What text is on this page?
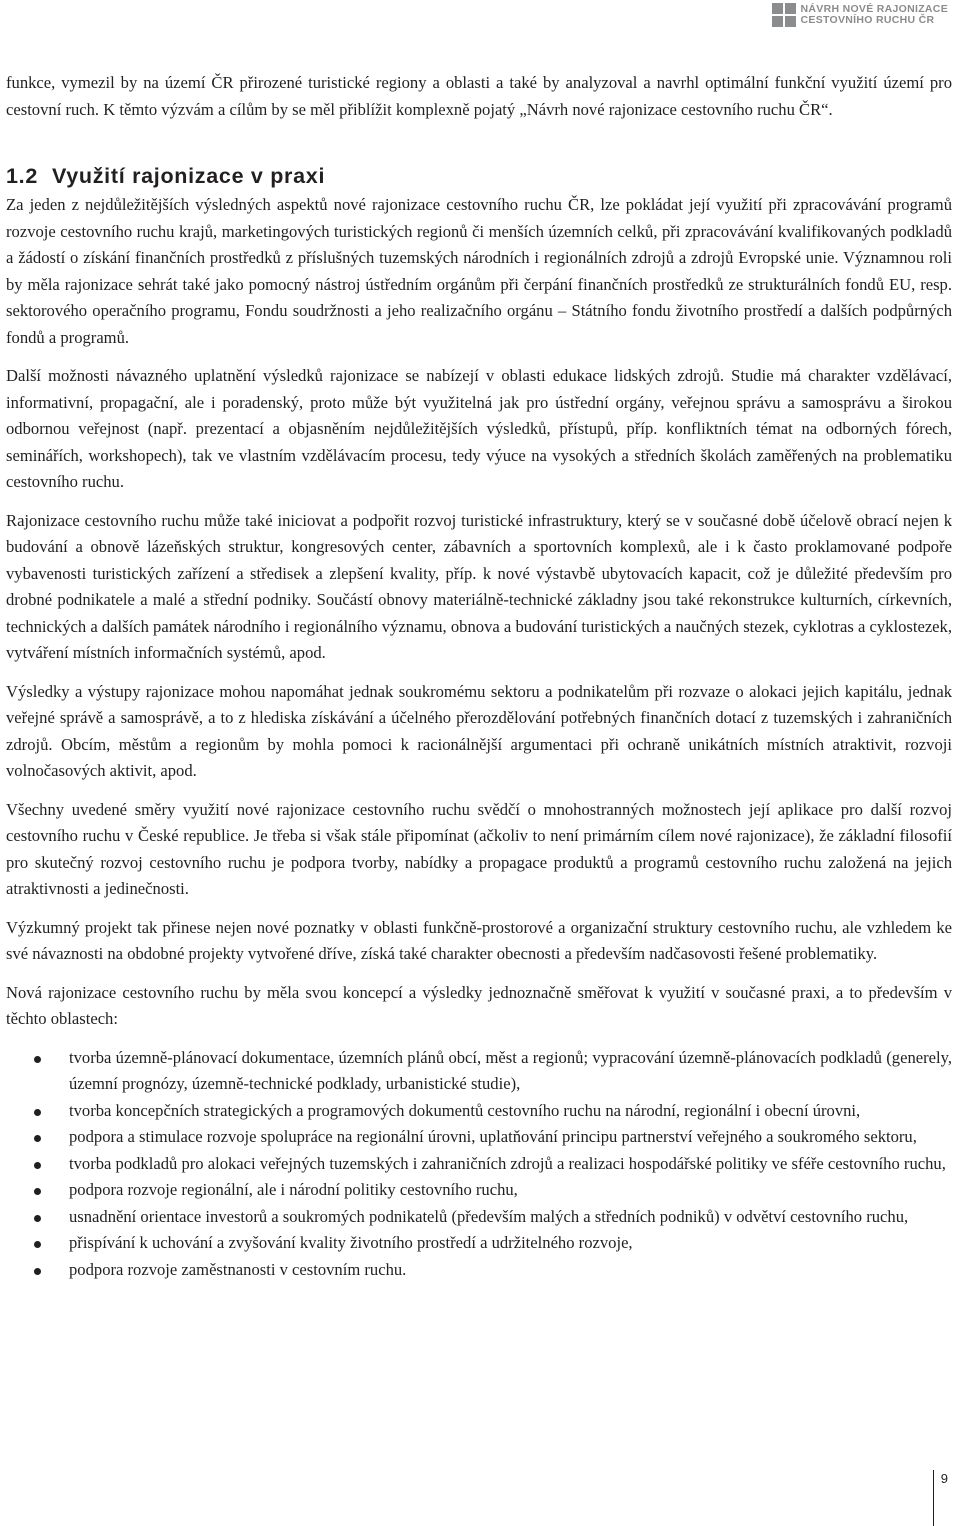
NÁVRH NOVÉ RAJONIZACE
CESTOVNÍHO RUCHU ČR

funkce, vymezil by na území ČR přirozené turistické regiony a oblasti a také by analyzoval a navrhl optimální funkční využití území pro cestovní ruch. K těmto výzvám a cílům by se měl přiblížit komplexně pojatý „Návrh nové rajonizace cestovního ruchu ČR“.

1.2 Využití rajonizace v praxi

Za jeden z nejdůležitějších výsledných aspektů nové rajonizace cestovního ruchu ČR, lze pokládat její využití při zpracovávání programů rozvoje cestovního ruchu krajů, marketingových turistických regionů či menších územních celků, při zpracovávání kvalifikovaných podkladů a žádostí o získání finančních prostředků z příslušných tuzemských národních i regionálních zdrojů a zdrojů Evropské unie. Významnou roli by měla rajonizace sehrát také jako pomocný nástroj ústředním orgánům při čerpání finančních prostředků ze strukturálních fondů EU, resp. sektorového operačního programu, Fondu soudržnosti a jeho realizačního orgánu – Státního fondu životního prostředí a dalších podpůrných fondů a programů.

Další možnosti návazného uplatnění výsledků rajonizace se nabízejí v oblasti edukace lidských zdrojů. Studie má charakter vzdělávací, informativní, propagační, ale i poradenský, proto může být využitelná jak pro ústřední orgány, veřejnou správu a samosprávu a širokou odbornou veřejnost (např. prezentací a objasněním nejdůležitějších výsledků, přístupů, příp. konfliktních témat na odborných fórech, seminářích, workshopech), tak ve vlastním vzdělávacím procesu, tedy výuce na vysokých a středních školách zaměřených na problematiku cestovního ruchu.

Rajonizace cestovního ruchu může také iniciovat a podpořit rozvoj turistické infrastruktury, který se v současné době účelově obrací nejen k budování a obnově lázeňských struktur, kongresových center, zábavních a sportovních komplexů, ale i k často proklamované podpoře vybavenosti turistických zařízení a středisek a zlepšení kvality, příp. k nové výstavbě ubytovacích kapacit, což je důležité především pro drobné podnikatele a malé a střední podniky. Součástí obnovy materiálně-technické základny jsou také rekonstrukce kulturních, církevních, technických a dalších památek národního i regionálního významu, obnova a budování turistických a naučných stezek, cyklotras a cyklostezek, vytváření místních informačních systémů, apod.

Výsledky a výstupy rajonizace mohou napomáhat jednak soukromému sektoru a podnikatelům při rozvaze o alokaci jejich kapitálu, jednak veřejné správě a samosprávě, a to z hlediska získávání a účelného přerozdělování potřebných finančních dotací z tuzemských i zahraničních zdrojů. Obcím, městům a regionům by mohla pomoci k racionálnější argumentaci při ochraně unikátních místních atraktivit, rozvoji volnočasových aktivit, apod.

Všechny uvedené směry využití nové rajonizace cestovního ruchu svědčí o mnohostranných možnostech její aplikace pro další rozvoj cestovního ruchu v České republice. Je třeba si však stále připomínat (ačkoliv to není primárním cílem nové rajonizace), že základní filosofií pro skutečný rozvoj cestovního ruchu je podpora tvorby, nabídky a propagace produktů a programů cestovního ruchu založená na jejich atraktivnosti a jedinečnosti.

Výzkumný projekt tak přinese nejen nové poznatky v oblasti funkčně-prostorové a organizační struktury cestovního ruchu, ale vzhledem ke své návaznosti na obdobné projekty vytvořené dříve, získá také charakter obecnosti a především nadčasovosti řešené problematiky.

Nová rajonizace cestovního ruchu by měla svou koncepcí a výsledky jednoznačně směřovat k využití v současné praxi, a to především v těchto oblastech:

tvorba územně-plánovací dokumentace, územních plánů obcí, měst a regionů; vypracování územně-plánovacích podkladů (generely, územní prognózy, územně-technické podklady, urbanistické studie),
tvorba koncepčních strategických a programových dokumentů cestovního ruchu na národní, regionální i obecní úrovni,
podpora a stimulace rozvoje spolupráce na regionální úrovni, uplatňování principu partnerství veřejného a soukromého sektoru,
tvorba podkladů pro alokaci veřejných tuzemských i zahraničních zdrojů a realizaci hospodářské politiky ve sféře cestovního ruchu,
podpora rozvoje regionální, ale i národní politiky cestovního ruchu,
usnadnění orientace investorů a soukromých podnikatelů (především malých a středních podniků) v odvětví cestovního ruchu,
přispívání k uchování a zvyšování kvality životního prostředí a udržitelného rozvoje,
podpora rozvoje zaměstnanosti v cestovním ruchu.
9
